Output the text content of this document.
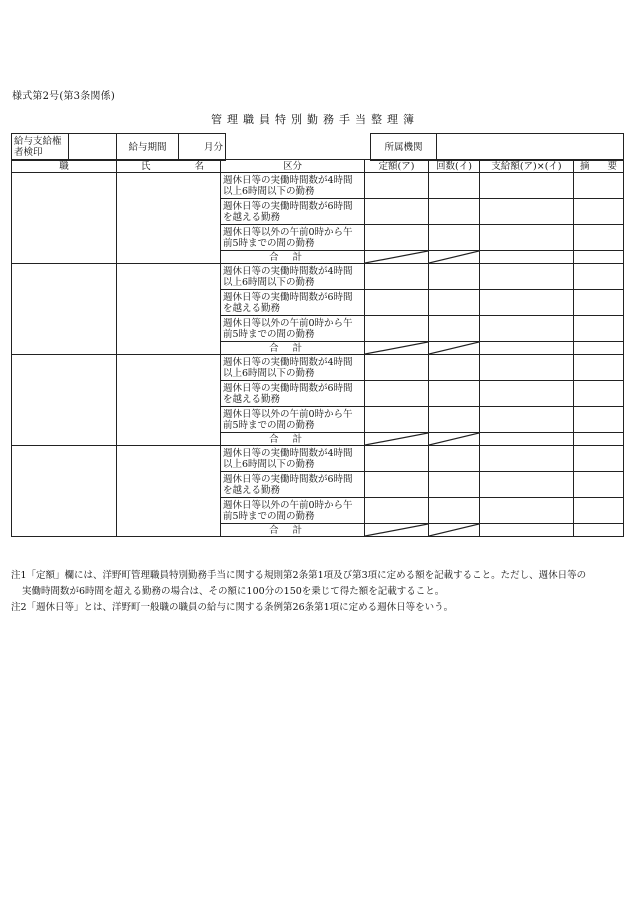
様式第2号(第3条関係)
管理職員特別勤務手当整理簿
給与支給権者検印		給与期間	月分		所属機関	
職	氏 名	区分	定額(ア)	回数(イ)	支給額(ア)×(イ)	摘 要

		週休日等の実働時間数が4時間以上6時間以下の勤務				
		週休日等の実働時間数が6時間を越える勤務				
		週休日等以外の午前0時から午前5時までの間の勤務				
		合計	

		週休日等の実働時間数が4時間以上6時間以下の勤務				
		週休日等の実働時間数が6時間を越える勤務				
		週休日等以外の午前0時から午前5時までの間の勤務				
		合計	

		週休日等の実働時間数が4時間以上6時間以下の勤務				
		週休日等の実働時間数が6時間を越える勤務				
		週休日等以外の午前0時から午前5時までの間の勤務				
		合計	

		週休日等の実働時間数が4時間以上6時間以下の勤務				
		週休日等の実働時間数が6時間を越える勤務				
		週休日等以外の午前0時から午前5時までの間の勤務				
		合計	

注1「定額」欄には、洋野町管理職員特別勤務手当に関する規則第2条第1項及び第3項に定める額を記載すること。ただし、週休日等の

実働時間数が6時間を超える勤務の場合は、その額に100分の150を乗じて得た額を記載すること。

注2「週休日等」とは、洋野町一般職の職員の給与に関する条例第26条第1項に定める週休日等をいう。
